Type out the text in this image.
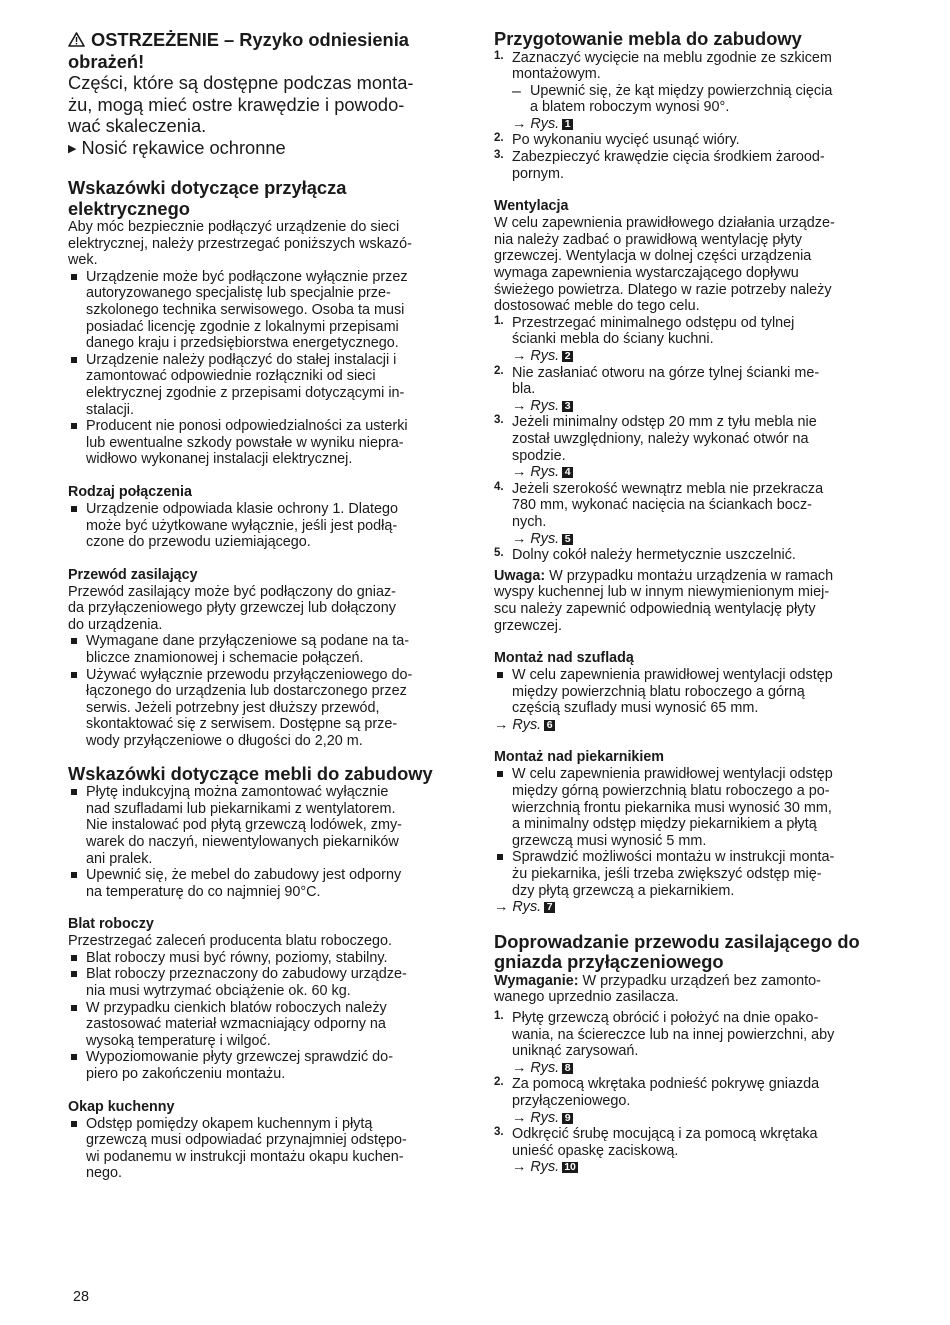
OSTRZEŻENIE – Ryzyko odniesienia

obrażeń!

Części, które są dostępne podczas monta-

żu, mogą mieć ostre krawędzie i powodo-

wać skaleczenia.

▶ Nosić rękawice ochronne

Wskazówki dotyczące przyłącza

elektrycznego

Aby móc bezpiecznie podłączyć urządzenie do sieci

elektrycznej, należy przestrzegać poniższych wskazó-

wek.

Urządzenie może być podłączone wyłącznie przez

autoryzowanego specjalistę lub specjalnie prze-

szkolonego technika serwisowego. Osoba ta musi

posiadać licencję zgodnie z lokalnymi przepisami

danego kraju i przedsiębiorstwa energetycznego.

Urządzenie należy podłączyć do stałej instalacji i

zamontować odpowiednie rozłączniki od sieci

elektrycznej zgodnie z przepisami dotyczącymi in-

stalacji.

Producent nie ponosi odpowiedzialności za usterki

lub ewentualne szkody powstałe w wyniku niepra-

widłowo wykonanej instalacji elektrycznej.

Rodzaj połączenia

Urządzenie odpowiada klasie ochrony 1. Dlatego

może być użytkowane wyłącznie, jeśli jest podłą-

czone do przewodu uziemiającego.

Przewód zasilający

Przewód zasilający może być podłączony do gniaz-

da przyłączeniowego płyty grzewczej lub dołączony

do urządzenia.

Wymagane dane przyłączeniowe są podane na ta-

bliczce znamionowej i schemacie połączeń.

Używać wyłącznie przewodu przyłączeniowego do-

łączonego do urządzenia lub dostarczonego przez

serwis. Jeżeli potrzebny jest dłuższy przewód,

skontaktować się z serwisem. Dostępne są prze-

wody przyłączeniowe o długości do 2,20 m.

Wskazówki dotyczące mebli do zabudowy

Płytę indukcyjną można zamontować wyłącznie

nad szufladami lub piekarnikami z wentylatorem.

Nie instalować pod płytą grzewczą lodówek, zmy-

warek do naczyń, niewentylowanych piekarników

ani pralek.

Upewnić się, że mebel do zabudowy jest odporny

na temperaturę do co najmniej 90°C.

Blat roboczy

Przestrzegać zaleceń producenta blatu roboczego.

Blat roboczy musi być równy, poziomy, stabilny.

Blat roboczy przeznaczony do zabudowy urządze-

nia musi wytrzymać obciążenie ok. 60 kg.

W przypadku cienkich blatów roboczych należy

zastosować materiał wzmacniający odporny na

wysoką temperaturę i wilgoć.

Wypoziomowanie płyty grzewczej sprawdzić do-

piero po zakończeniu montażu.

Okap kuchenny

Odstęp pomiędzy okapem kuchennym i płytą

grzewczą musi odpowiadać przynajmniej odstępo-

wi podanemu w instrukcji montażu okapu kuchen-

nego.

Przygotowanie mebla do zabudowy

1. Zaznaczyć wycięcie na meblu zgodnie ze szkicem

montażowym.

– Upewnić się, że kąt między powierzchnią cięcia

a blatem roboczym wynosi 90°.

→ Rys. 1

2. Po wykonaniu wycięć usunąć wióry.

3. Zabezpieczyć krawędzie cięcia środkiem żarood-

pornym.

Wentylacja

W celu zapewnienia prawidłowego działania urządze-

nia należy zadbać o prawidłową wentylację płyty

grzewczej. Wentylacja w dolnej części urządzenia

wymaga zapewnienia wystarczającego dopływu

świeżego powietrza. Dlatego w razie potrzeby należy

dostosować meble do tego celu.

1. Przestrzegać minimalnego odstępu od tylnej

ścianki mebla do ściany kuchni.

→ Rys. 2

2. Nie zasłaniać otworu na górze tylnej ścianki me-

bla.

→ Rys. 3

3. Jeżeli minimalny odstęp 20 mm z tyłu mebla nie

został uwzględniony, należy wykonać otwór na

spodzie.

→ Rys. 4

4. Jeżeli szerokość wewnątrz mebla nie przekracza

780 mm, wykonać nacięcia na ściankach bocz-

nych.

→ Rys. 5

5. Dolny cokół należy hermetycznie uszczelnić.

Uwaga: W przypadku montażu urządzenia w ramach

wyspy kuchennej lub w innym niewymienionym miej-

scu należy zapewnić odpowiednią wentylację płyty

grzewczej.

Montaż nad szufladą

W celu zapewnienia prawidłowej wentylacji odstęp

między powierzchnią blatu roboczego a górną

częścią szuflady musi wynosić 65 mm.

→ Rys. 6

Montaż nad piekarnikiem

W celu zapewnienia prawidłowej wentylacji odstęp

między górną powierzchnią blatu roboczego a po-

wierzchnią frontu piekarnika musi wynosić 30 mm,

a minimalny odstęp między piekarnikiem a płytą

grzewczą musi wynosić 5 mm.

Sprawdzić możliwości montażu w instrukcji monta-

żu piekarnika, jeśli trzeba zwiększyć odstęp mię-

dzy płytą grzewczą a piekarnikiem.

→ Rys. 7

Doprowadzanie przewodu zasilającego do

gniazda przyłączeniowego

Wymaganie: W przypadku urządzeń bez zamonto-

wanego uprzednio zasilacza.

1. Płytę grzewczą obrócić i położyć na dnie opako-

wania, na ściereczce lub na innej powierzchni, aby

uniknąć zarysowań.

→ Rys. 8

2. Za pomocą wkrętaka podnieść pokrywę gniazda

przyłączeniowego.

→ Rys. 9

3. Odkręcić śrubę mocującą i za pomocą wkrętaka

unieść opaskę zaciskową.

→ Rys. 10

28
